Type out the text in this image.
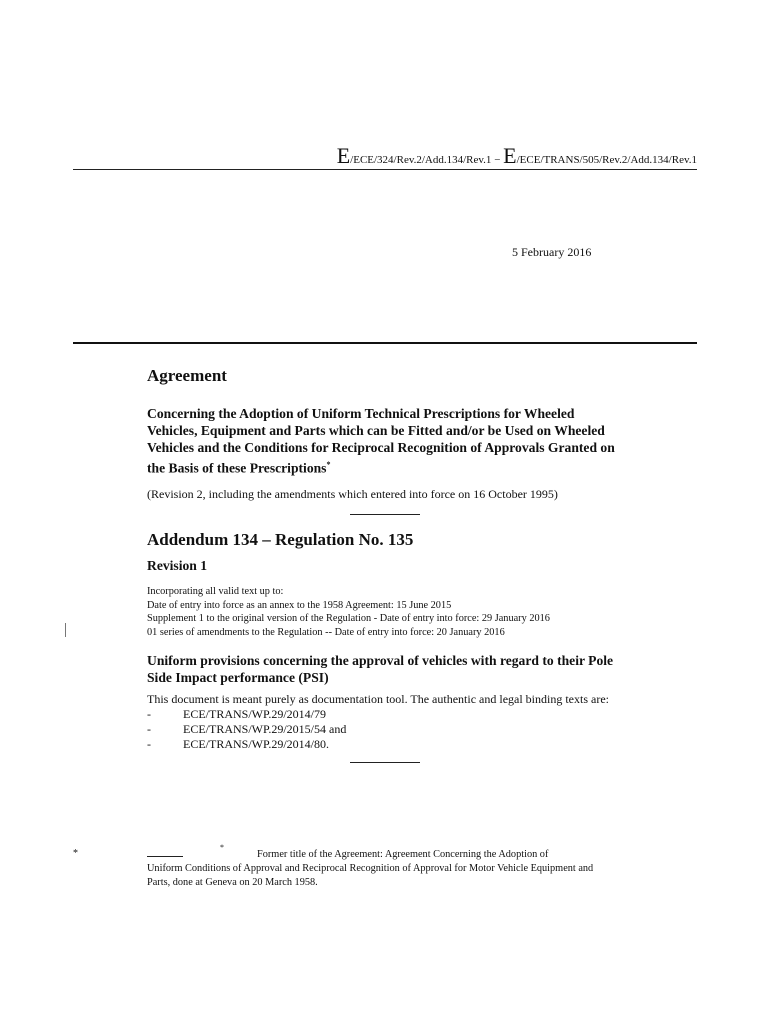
E/ECE/324/Rev.2/Add.134/Rev.1 − E/ECE/TRANS/505/Rev.2/Add.134/Rev.1
5 February 2016
Agreement
Concerning the Adoption of Uniform Technical Prescriptions for Wheeled Vehicles, Equipment and Parts which can be Fitted and/or be Used on Wheeled Vehicles and the Conditions for Reciprocal Recognition of Approvals Granted on the Basis of these Prescriptions*
(Revision 2, including the amendments which entered into force on 16 October 1995)
Addendum 134 – Regulation No. 135
Revision 1
Incorporating all valid text up to:
Date of entry into force as an annex to the 1958 Agreement: 15 June 2015
Supplement 1 to the original version of the Regulation - Date of entry into force: 29 January 2016
01 series of amendments to the Regulation -- Date of entry into force: 20 January 2016
Uniform provisions concerning the approval of vehicles with regard to their Pole Side Impact performance (PSI)
This document is meant purely as documentation tool. The authentic and legal binding texts are:
-	ECE/TRANS/WP.29/2014/79
-	ECE/TRANS/WP.29/2015/54 and
-	ECE/TRANS/WP.29/2014/80.
*
*
Former title of the Agreement: Agreement Concerning the Adoption of
Uniform Conditions of Approval and Reciprocal Recognition of Approval for Motor Vehicle Equipment and Parts, done at Geneva on 20 March 1958.
